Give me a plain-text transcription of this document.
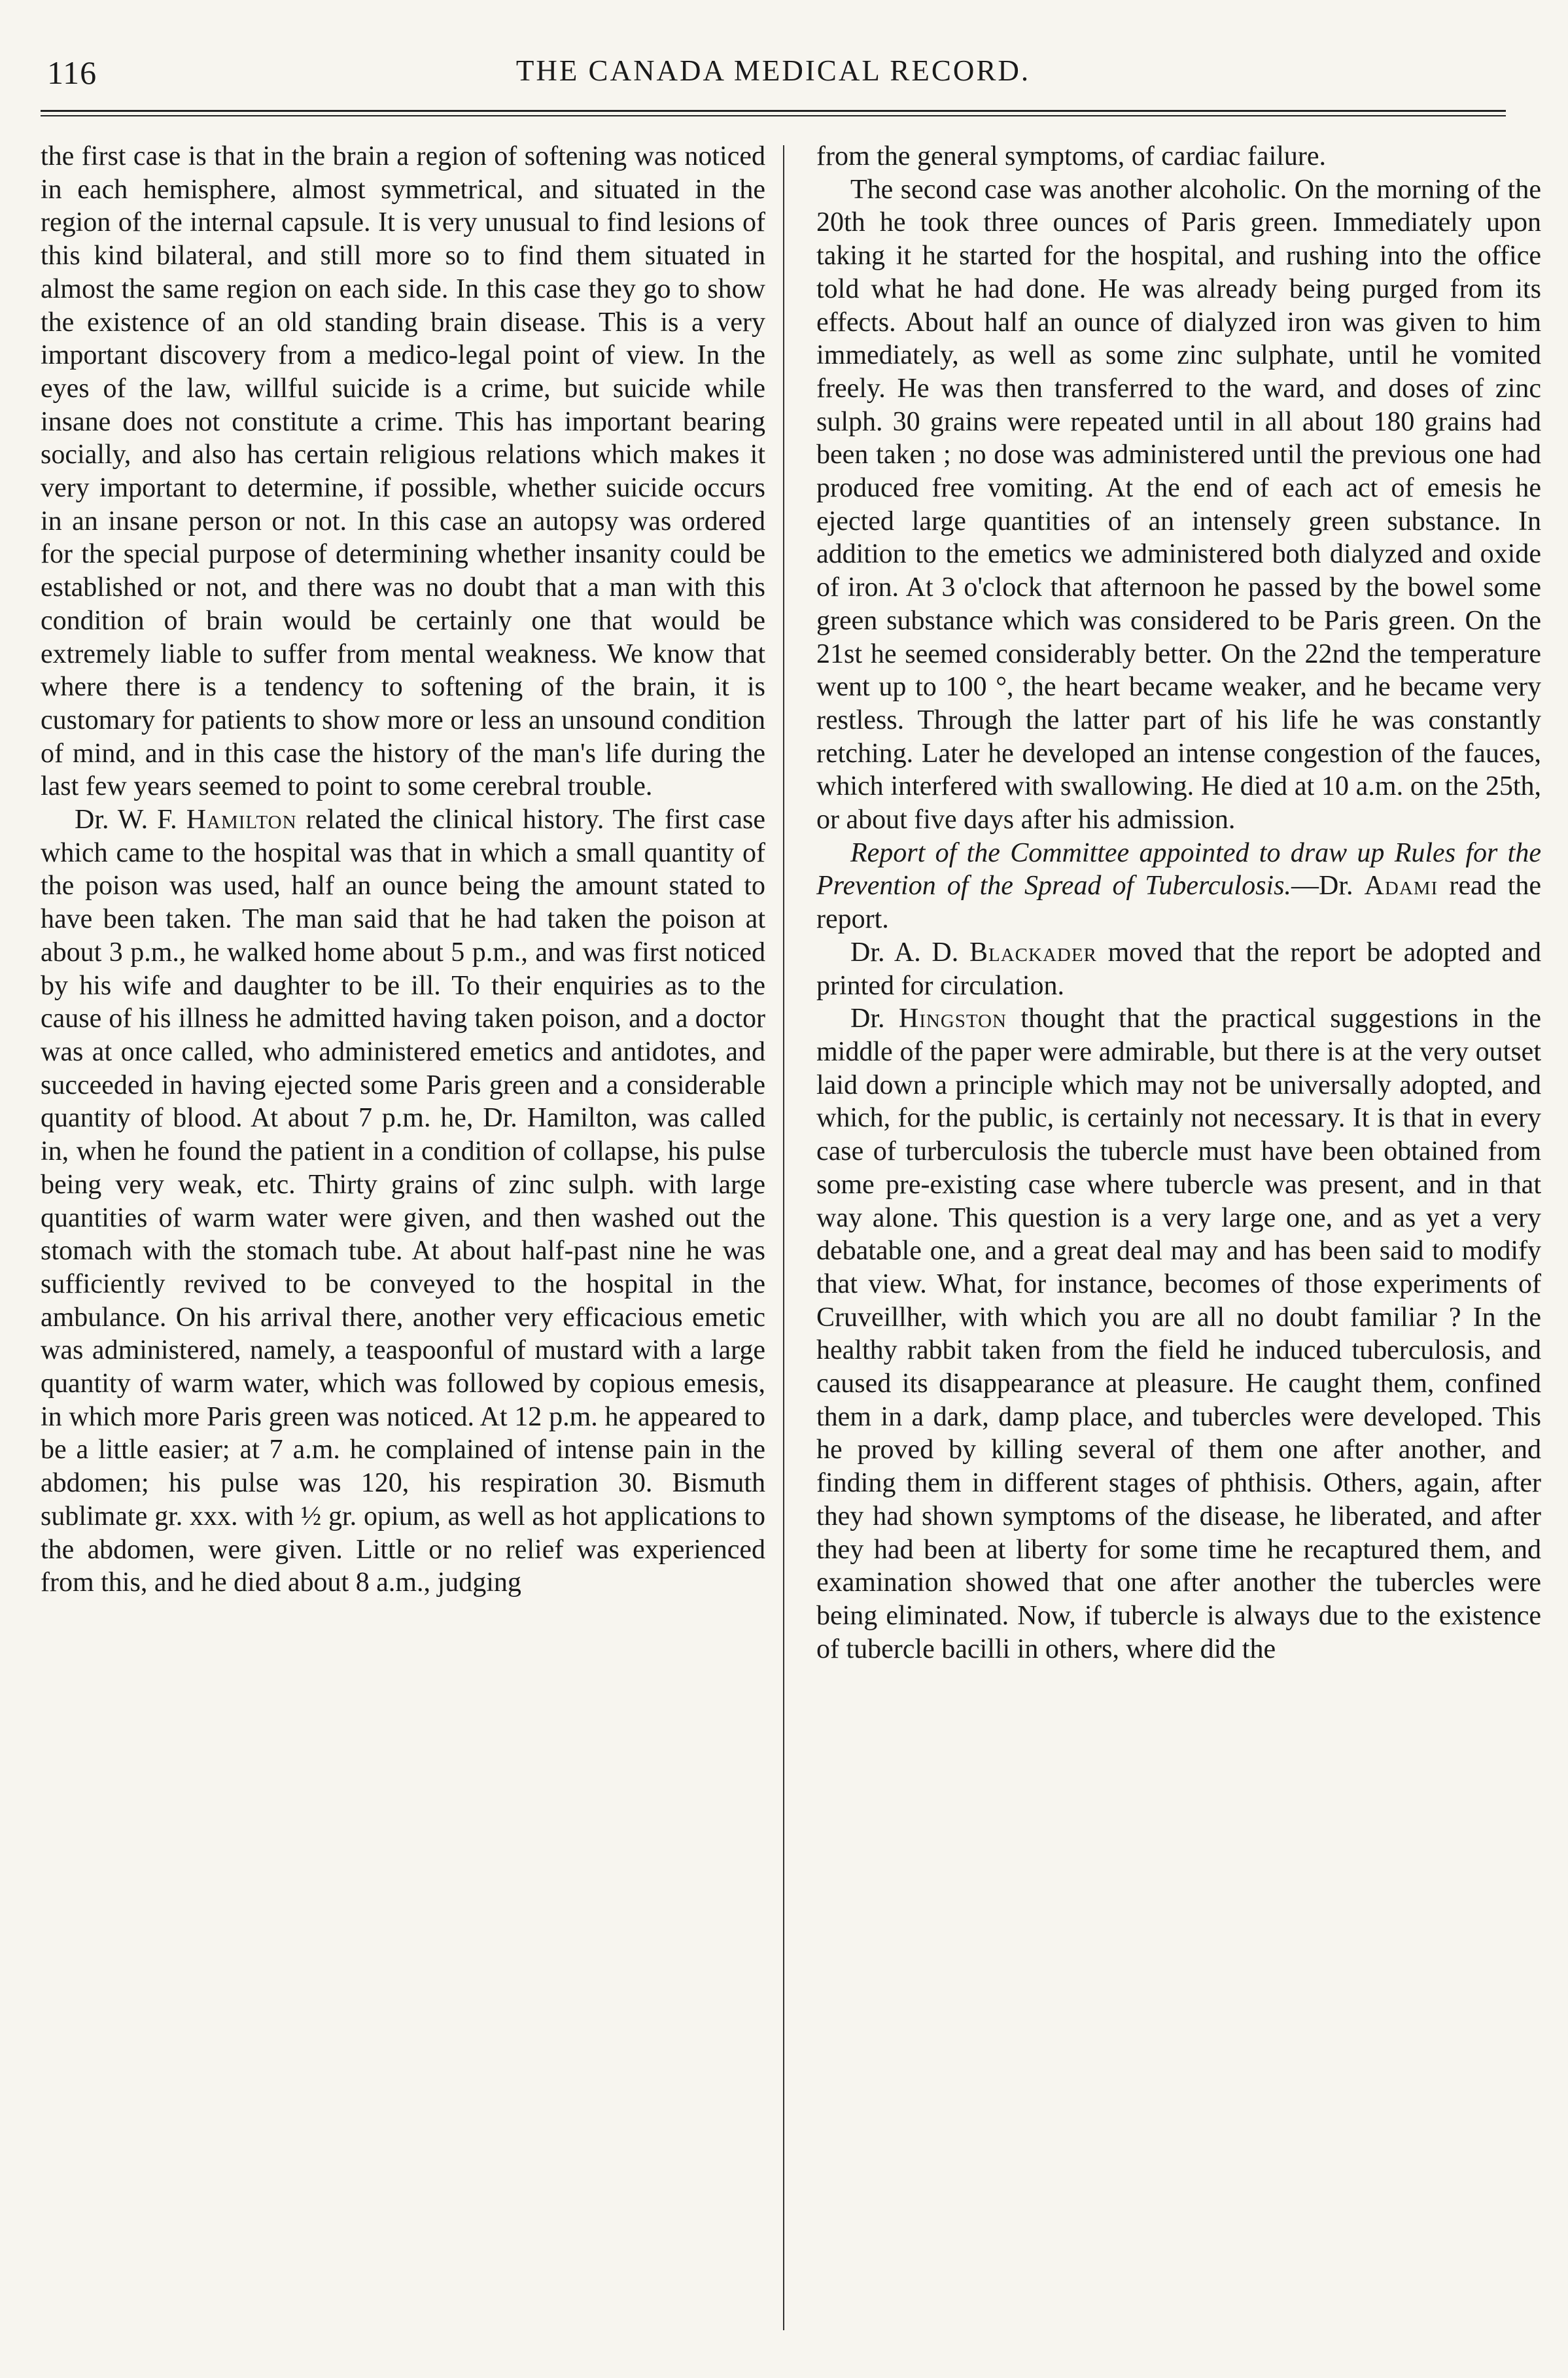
116	THE CANADA MEDICAL RECORD.

the first case is that in the brain a region of softening was noticed in each hemisphere, almost symmetrical, and situated in the region of the internal capsule. It is very unusual to find lesions of this kind bilateral, and still more so to find them situated in almost the same region on each side. In this case they go to show the existence of an old standing brain disease. This is a very important discovery from a medico-legal point of view. In the eyes of the law, willful suicide is a crime, but suicide while insane does not constitute a crime. This has important bearing socially, and also has certain religious relations which makes it very important to determine, if possible, whether suicide occurs in an insane person or not. In this case an autopsy was ordered for the special purpose of determining whether insanity could be established or not, and there was no doubt that a man with this condition of brain would be certainly one that would be extremely liable to suffer from mental weakness. We know that where there is a tendency to softening of the brain, it is customary for patients to show more or less an unsound condition of mind, and in this case the history of the man's life during the last few years seemed to point to some cerebral trouble.

Dr. W. F. Hamilton related the clinical history. The first case which came to the hospital was that in which a small quantity of the poison was used, half an ounce being the amount stated to have been taken. The man said that he had taken the poison at about 3 p.m., he walked home about 5 p.m., and was first noticed by his wife and daughter to be ill. To their enquiries as to the cause of his illness he admitted having taken poison, and a doctor was at once called, who administered emetics and antidotes, and succeeded in having ejected some Paris green and a considerable quantity of blood. At about 7 p.m. he, Dr. Hamilton, was called in, when he found the patient in a condition of collapse, his pulse being very weak, etc. Thirty grains of zinc sulph. with large quantities of warm water were given, and then washed out the stomach with the stomach tube. At about half-past nine he was sufficiently revived to be conveyed to the hospital in the ambulance. On his arrival there, another very efficacious emetic was administered, namely, a teaspoonful of mustard with a large quantity of warm water, which was followed by copious emesis, in which more Paris green was noticed. At 12 p.m. he appeared to be a little easier; at 7 a.m. he complained of intense pain in the abdomen; his pulse was 120, his respiration 30. Bismuth sublimate gr. xxx. with ½ gr. opium, as well as hot applications to the abdomen, were given. Little or no relief was experienced from this, and he died about 8 a.m., judging

from the general symptoms, of cardiac failure.

The second case was another alcoholic. On the morning of the 20th he took three ounces of Paris green. Immediately upon taking it he started for the hospital, and rushing into the office told what he had done. He was already being purged from its effects. About half an ounce of dialyzed iron was given to him immediately, as well as some zinc sulphate, until he vomited freely. He was then transferred to the ward, and doses of zinc sulph. 30 grains were repeated until in all about 180 grains had been taken ; no dose was administered until the previous one had produced free vomiting. At the end of each act of emesis he ejected large quantities of an intensely green substance. In addition to the emetics we administered both dialyzed and oxide of iron. At 3 o'clock that afternoon he passed by the bowel some green substance which was considered to be Paris green. On the 21st he seemed considerably better. On the 22nd the temperature went up to 100 °, the heart became weaker, and he became very restless. Through the latter part of his life he was constantly retching. Later he developed an intense congestion of the fauces, which interfered with swallowing. He died at 10 a.m. on the 25th, or about five days after his admission.

Report of the Committee appointed to draw up Rules for the Prevention of the Spread of Tuberculosis.—Dr. Adami read the report.

Dr. A. D. Blackader moved that the report be adopted and printed for circulation.

Dr. Hingston thought that the practical suggestions in the middle of the paper were admirable, but there is at the very outset laid down a principle which may not be universally adopted, and which, for the public, is certainly not necessary. It is that in every case of turberculosis the tubercle must have been obtained from some pre-existing case where tubercle was present, and in that way alone. This question is a very large one, and as yet a very debatable one, and a great deal may and has been said to modify that view. What, for instance, becomes of those experiments of Cruveillher, with which you are all no doubt familiar ? In the healthy rabbit taken from the field he induced tuberculosis, and caused its disappearance at pleasure. He caught them, confined them in a dark, damp place, and tubercles were developed. This he proved by killing several of them one after another, and finding them in different stages of phthisis. Others, again, after they had shown symptoms of the disease, he liberated, and after they had been at liberty for some time he recaptured them, and examination showed that one after another the tubercles were being eliminated. Now, if tubercle is always due to the existence of tubercle bacilli in others, where did the
